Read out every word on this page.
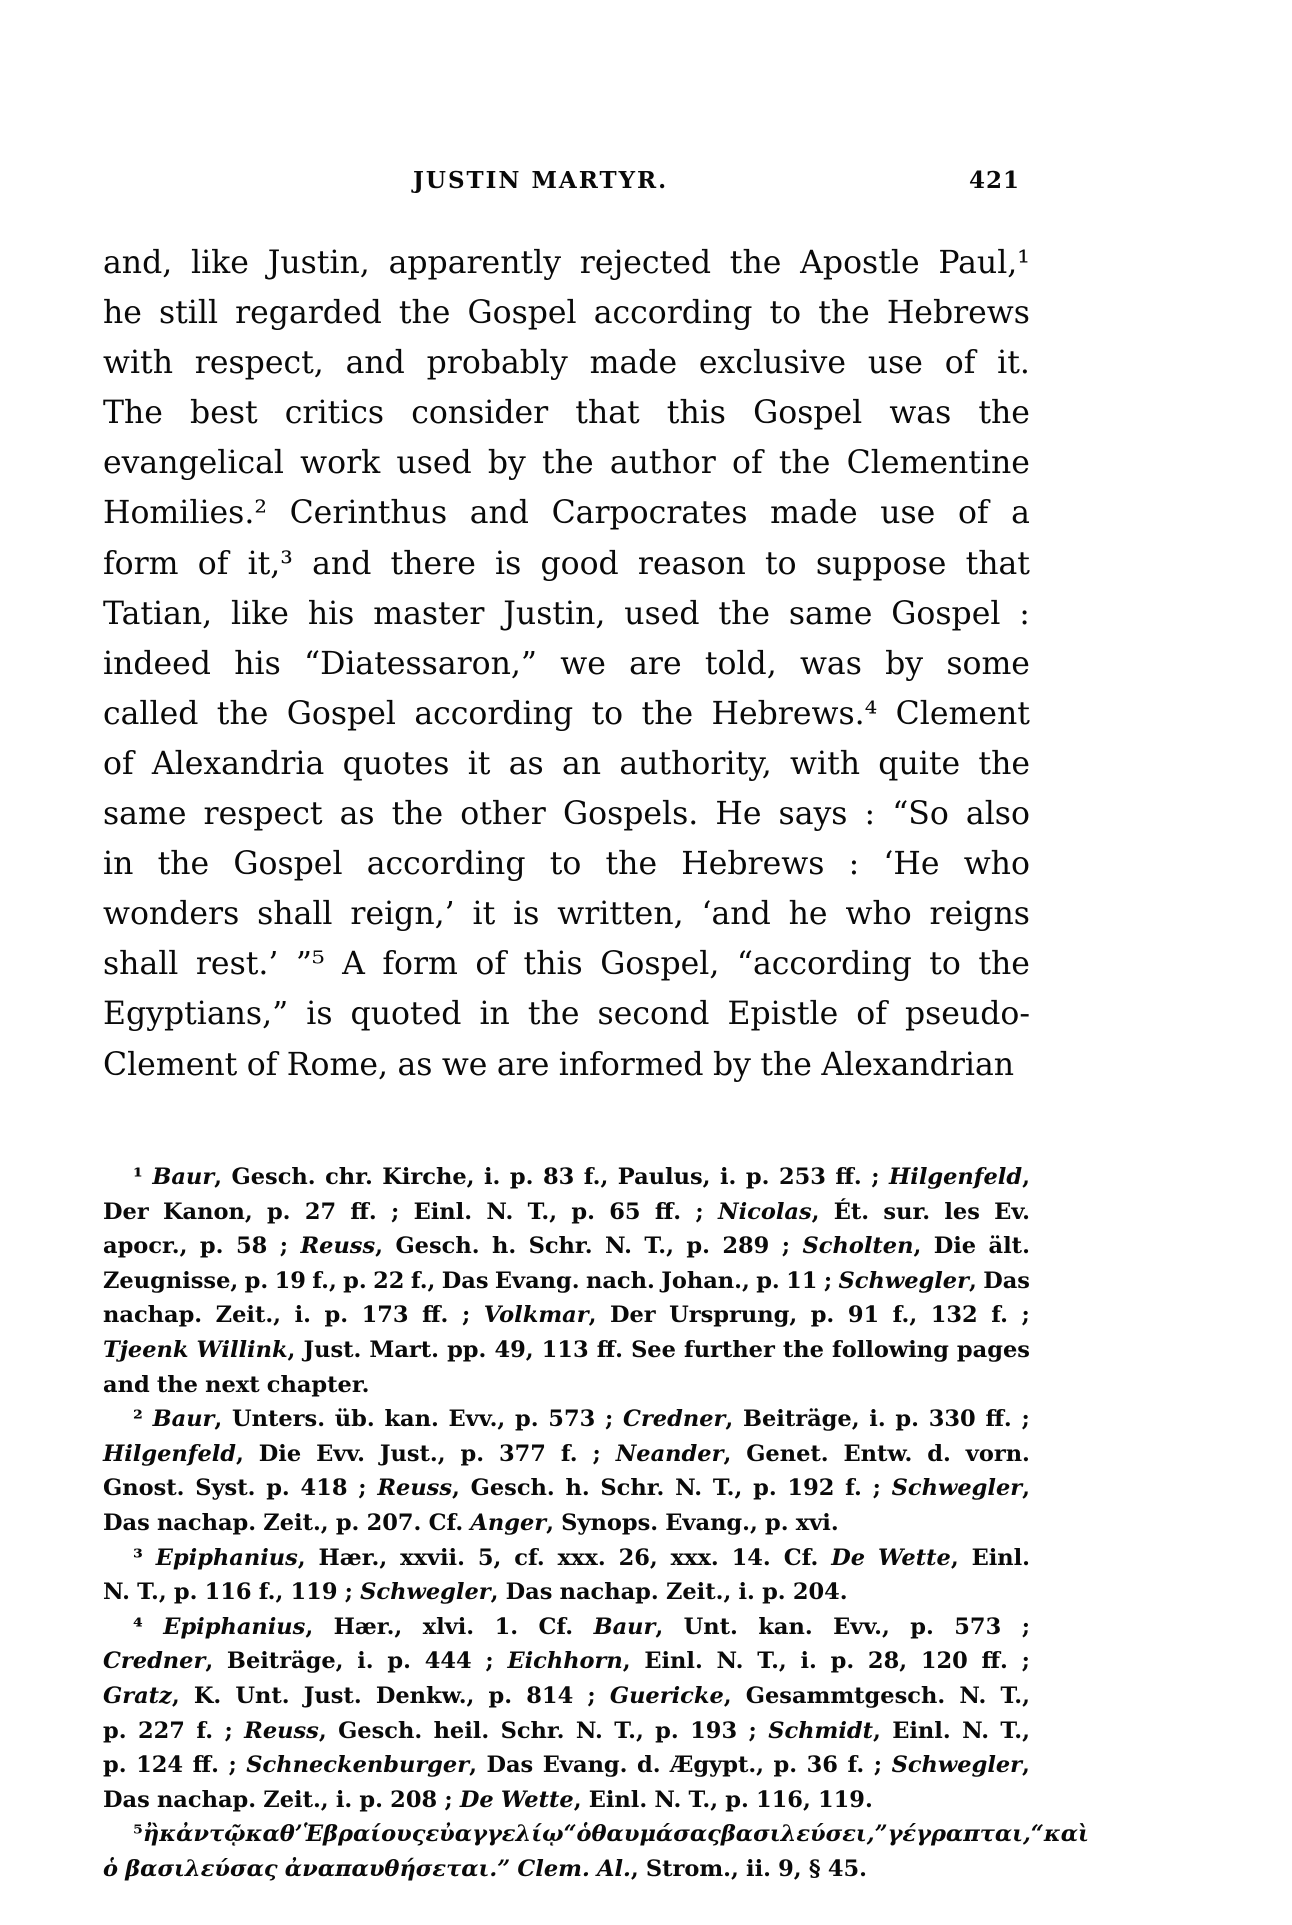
JUSTIN MARTYR.	421
and, like Justin, apparently rejected the Apostle Paul,¹
he still regarded the Gospel according to the Hebrews
with respect, and probably made exclusive use of it.
The best critics consider that this Gospel was the
evangelical work used by the author of the Clementine
Homilies.² Cerinthus and Carpocrates made use of a
form of it,³ and there is good reason to suppose that
Tatian, like his master Justin, used the same Gospel :
indeed his “Diatessaron,” we are told, was by some
called the Gospel according to the Hebrews.⁴ Clement
of Alexandria quotes it as an authority, with quite the
same respect as the other Gospels. He says : “So also
in the Gospel according to the Hebrews : ‘He who
wonders shall reign,’ it is written, ‘and he who reigns
shall rest.’ ”⁵ A form of this Gospel, “according to the
Egyptians,” is quoted in the second Epistle of pseudo-
Clement of Rome, as we are informed by the Alexandrian
¹ Baur, Gesch. chr. Kirche, i. p. 83 f., Paulus, i. p. 253 ff. ; Hilgenfeld,
Der Kanon, p. 27 ff. ; Einl. N. T., p. 65 ff. ; Nicolas, Ét. sur. les Ev.
apocr., p. 58 ; Reuss, Gesch. h. Schr. N. T., p. 289 ; Scholten, Die ält.
Zeugnisse, p. 19 f., p. 22 f., Das Evang. nach. Johan., p. 11 ; Schwegler, Das
nachap. Zeit., i. p. 173 ff. ; Volkmar, Der Ursprung, p. 91 f., 132 f. ;
Tjeenk Willink, Just. Mart. pp. 49, 113 ff. See further the following pages
and the next chapter.
² Baur, Unters. üb. kan. Evv., p. 573 ; Credner, Beiträge, i. p. 330 ff. ;
Hilgenfeld, Die Evv. Just., p. 377 f. ; Neander, Genet. Entw. d. vorn.
Gnost. Syst. p. 418 ; Reuss, Gesch. h. Schr. N. T., p. 192 f. ; Schwegler,
Das nachap. Zeit., p. 207. Cf. Anger, Synops. Evang., p. xvi.
³ Epiphanius, Hær., xxvii. 5, cf. xxx. 26, xxx. 14. Cf. De Wette, Einl.
N. T., p. 116 f., 119 ; Schwegler, Das nachap. Zeit., i. p. 204.
⁴ Epiphanius, Hær., xlvi. 1. Cf. Baur, Unt. kan. Evv., p. 573 ;
Credner, Beiträge, i. p. 444 ; Eichhorn, Einl. N. T., i. p. 28, 120 ff. ;
Gratz, K. Unt. Just. Denkw., p. 814 ; Guericke, Gesammtgesch. N. T.,
p. 227 f. ; Reuss, Gesch. heil. Schr. N. T., p. 193 ; Schmidt, Einl. N. T.,
p. 124 ff. ; Schneckenburger, Das Evang. d. Ægypt., p. 36 f. ; Schwegler,
Das nachap. Zeit., i. p. 208 ; De Wette, Einl. N. T., p. 116, 119.
⁵ ἢ κἀν τῷ καθ’ Ἑβραίους εὐαγγελίῳ “ὁ θαυμάσας βασιλεύσει,” γέγραπται, “ καὶ
ὁ βασιλεύσας ἀναπαυθήσεται.” Clem. Al., Strom., ii. 9, § 45.
